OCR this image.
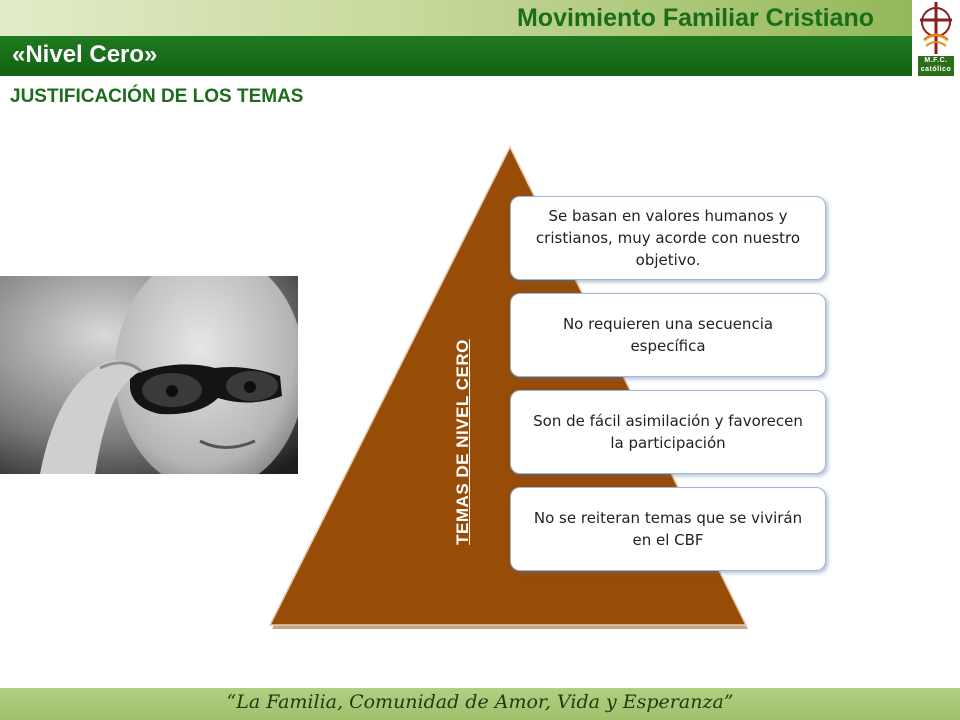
Movimiento Familiar Cristiano
«Nivel Cero»	M.F.C. católico
JUSTIFICACIÓN DE LOS TEMAS
TEMAS DE NIVEL CERO
Se basan en valores humanos y cristianos, muy acorde con nuestro objetivo.
No requieren una secuencia específica
Son de fácil asimilación y favorecen la participación
No se reiteran temas que se vivirán en el CBF
“La Familia, Comunidad de Amor, Vida y Esperanza”
